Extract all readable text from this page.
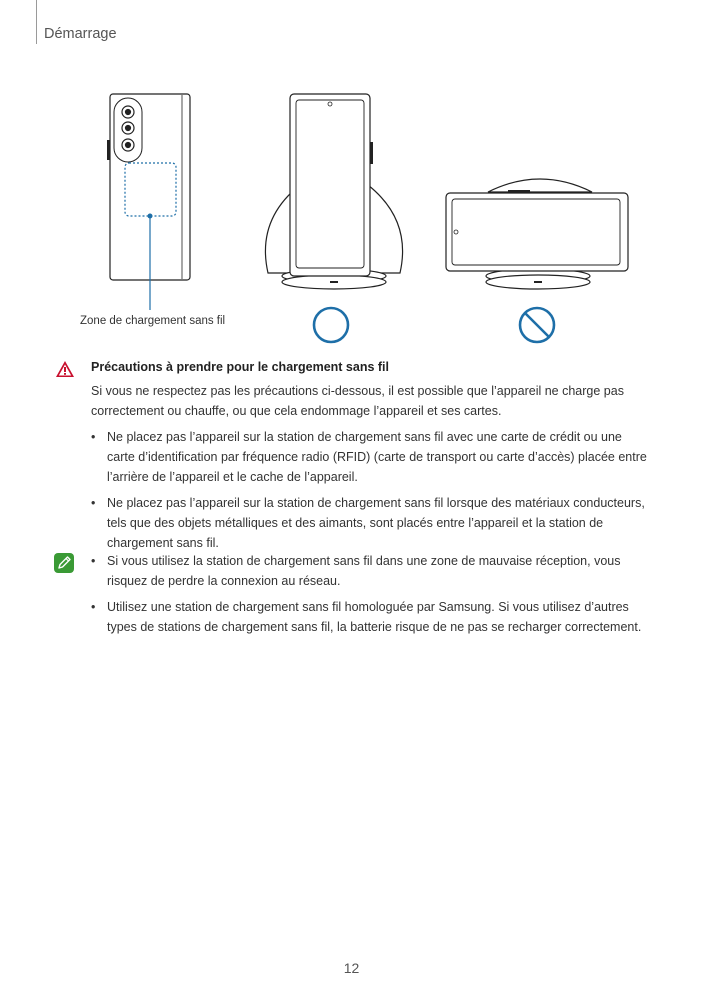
Démarrage
Zone de chargement sans fil
Précautions à prendre pour le chargement sans fil
Si vous ne respectez pas les précautions ci-dessous, il est possible que l’appareil ne charge pas correctement ou chauffe, ou que cela endommage l’appareil et ses cartes.
• Ne placez pas l’appareil sur la station de chargement sans fil avec une carte de crédit ou une carte d’identification par fréquence radio (RFID) (carte de transport ou carte d’accès) placée entre l’arrière de l’appareil et le cache de l’appareil.
• Ne placez pas l’appareil sur la station de chargement sans fil lorsque des matériaux conducteurs, tels que des objets métalliques et des aimants, sont placés entre l’appareil et la station de chargement sans fil.
• Si vous utilisez la station de chargement sans fil dans une zone de mauvaise réception, vous risquez de perdre la connexion au réseau.
• Utilisez une station de chargement sans fil homologuée par Samsung. Si vous utilisez d’autres types de stations de chargement sans fil, la batterie risque de ne pas se recharger correctement.
12
